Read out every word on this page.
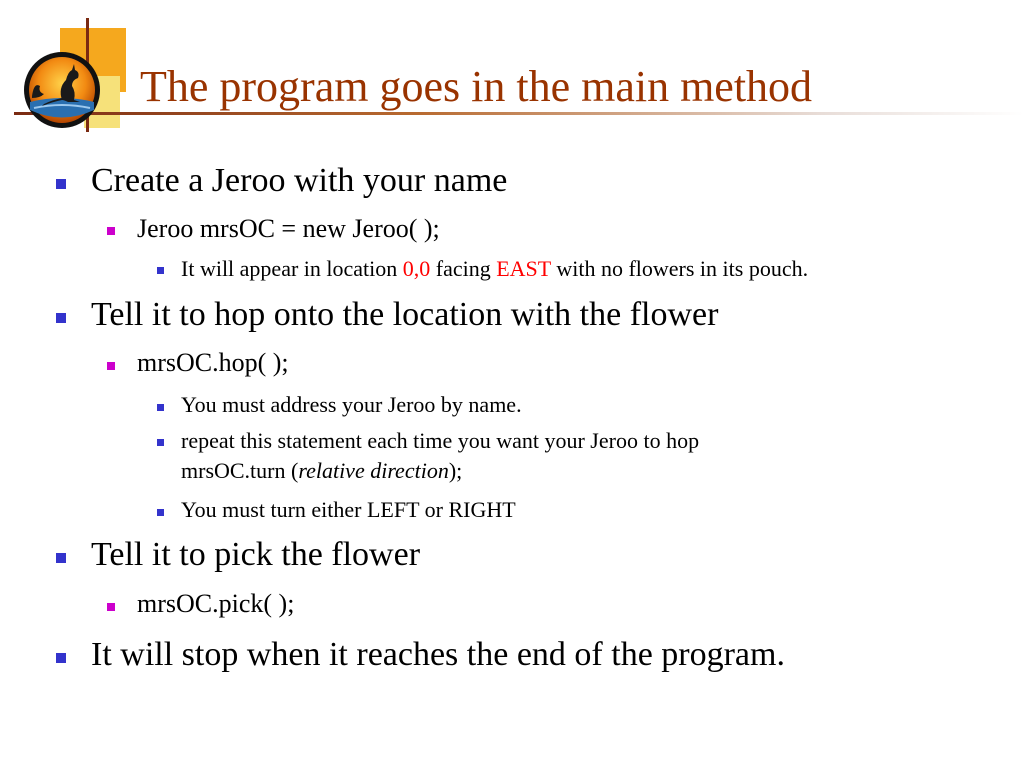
The program goes in the main method
Create a Jeroo with your name
Jeroo mrsOC = new Jeroo( );
It will appear in location 0,0 facing EAST with no flowers in its pouch.
Tell it to hop onto the location with the flower
mrsOC.hop( );
You must address your Jeroo by name.
repeat this statement each time you want your Jeroo to hop
mrsOC.turn (relative direction);
You must turn either LEFT or RIGHT
Tell it to pick the flower
mrsOC.pick( );
It will stop when it reaches the end of the program.
